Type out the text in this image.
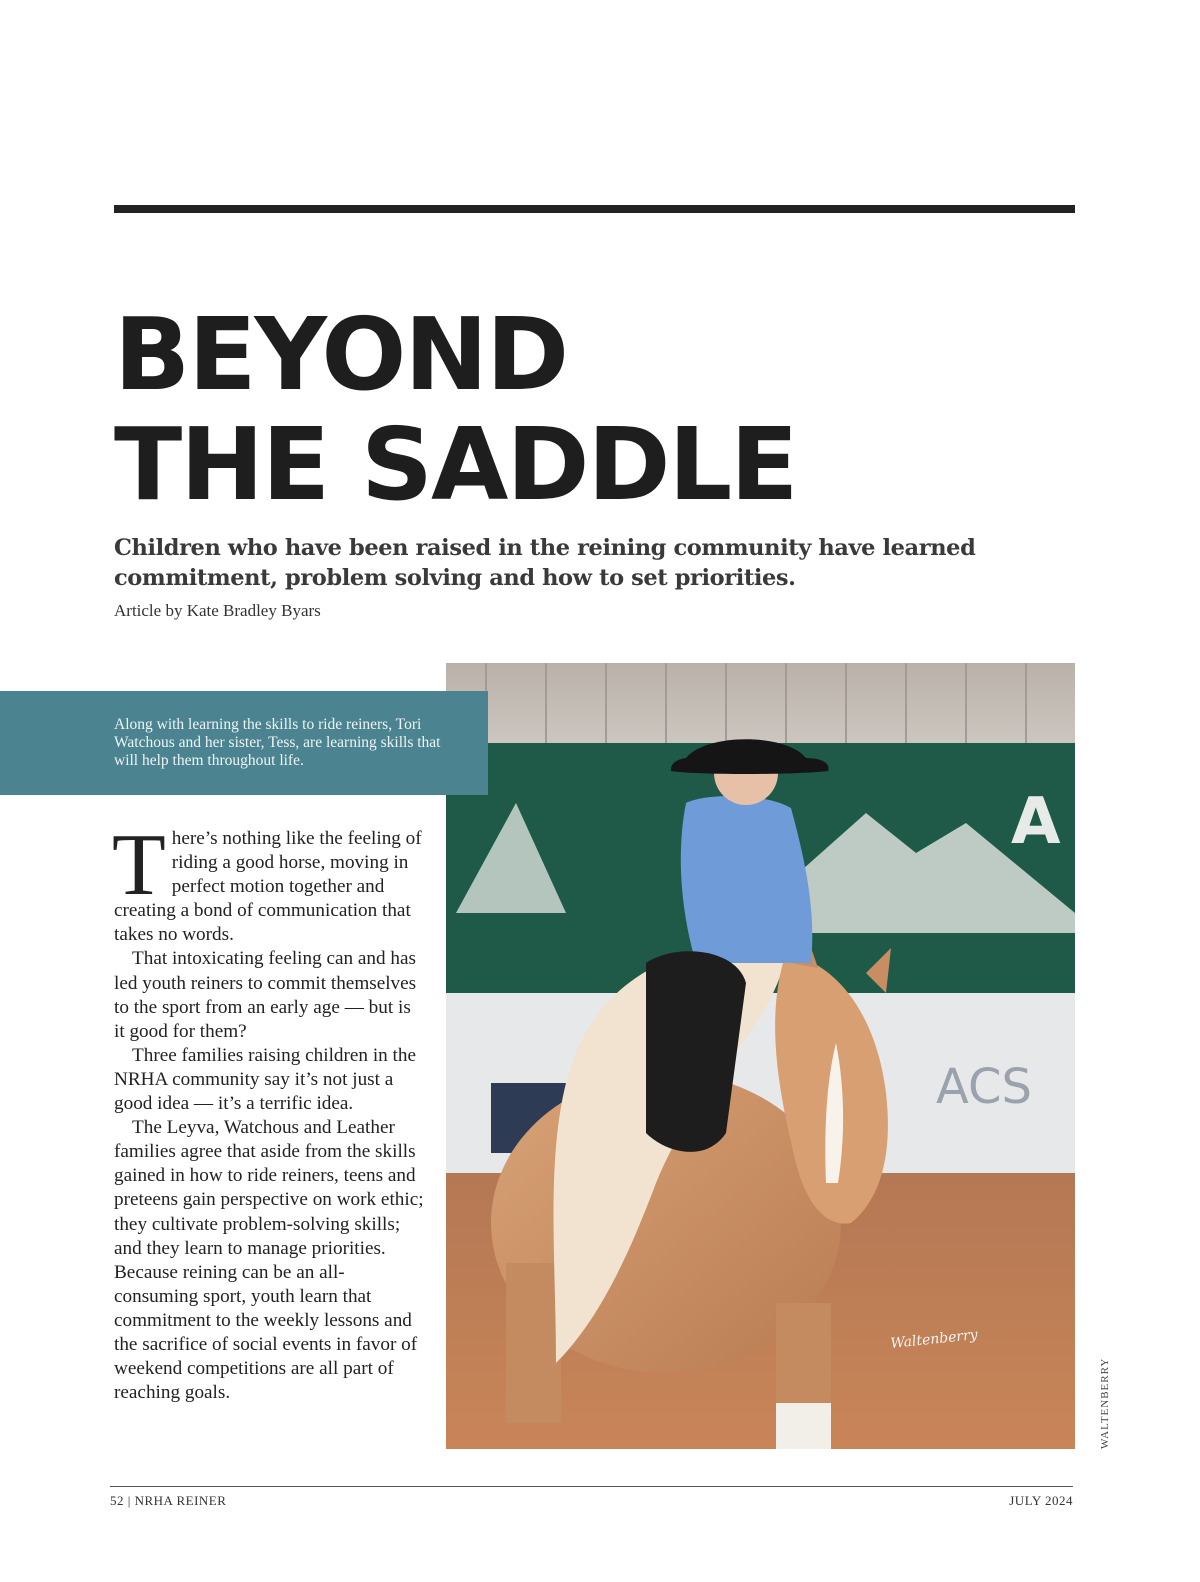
BEYOND
THE SADDLE

Children who have been raised in the reining community have learned commitment, problem solving and how to set priorities.

Article by Kate Bradley Byars

A
ACS
Waltenberry

Along with learning the skills to ride reiners, Tori Watchous and her sister, Tess, are learning skills that will help them throughout life.

There’s nothing like the feeling of riding a good horse, moving in perfect motion together and creating a bond of communication that takes no words.

That intoxicating feeling can and has led youth reiners to commit themselves to the sport from an early age — but is it good for them?

Three families raising children in the NRHA community say it’s not just a good idea — it’s a terrific idea.

The Leyva, Watchous and Leather families agree that aside from the skills gained in how to ride reiners, teens and preteens gain perspective on work ethic; they cultivate problem-solving skills; and they learn to manage priorities. Because reining can be an all-consuming sport, youth learn that commitment to the weekly lessons and the sacrifice of social events in favor of weekend competitions are all part of reaching goals.	WALTENBERRY
52 | NRHA REINER	JULY 2024
